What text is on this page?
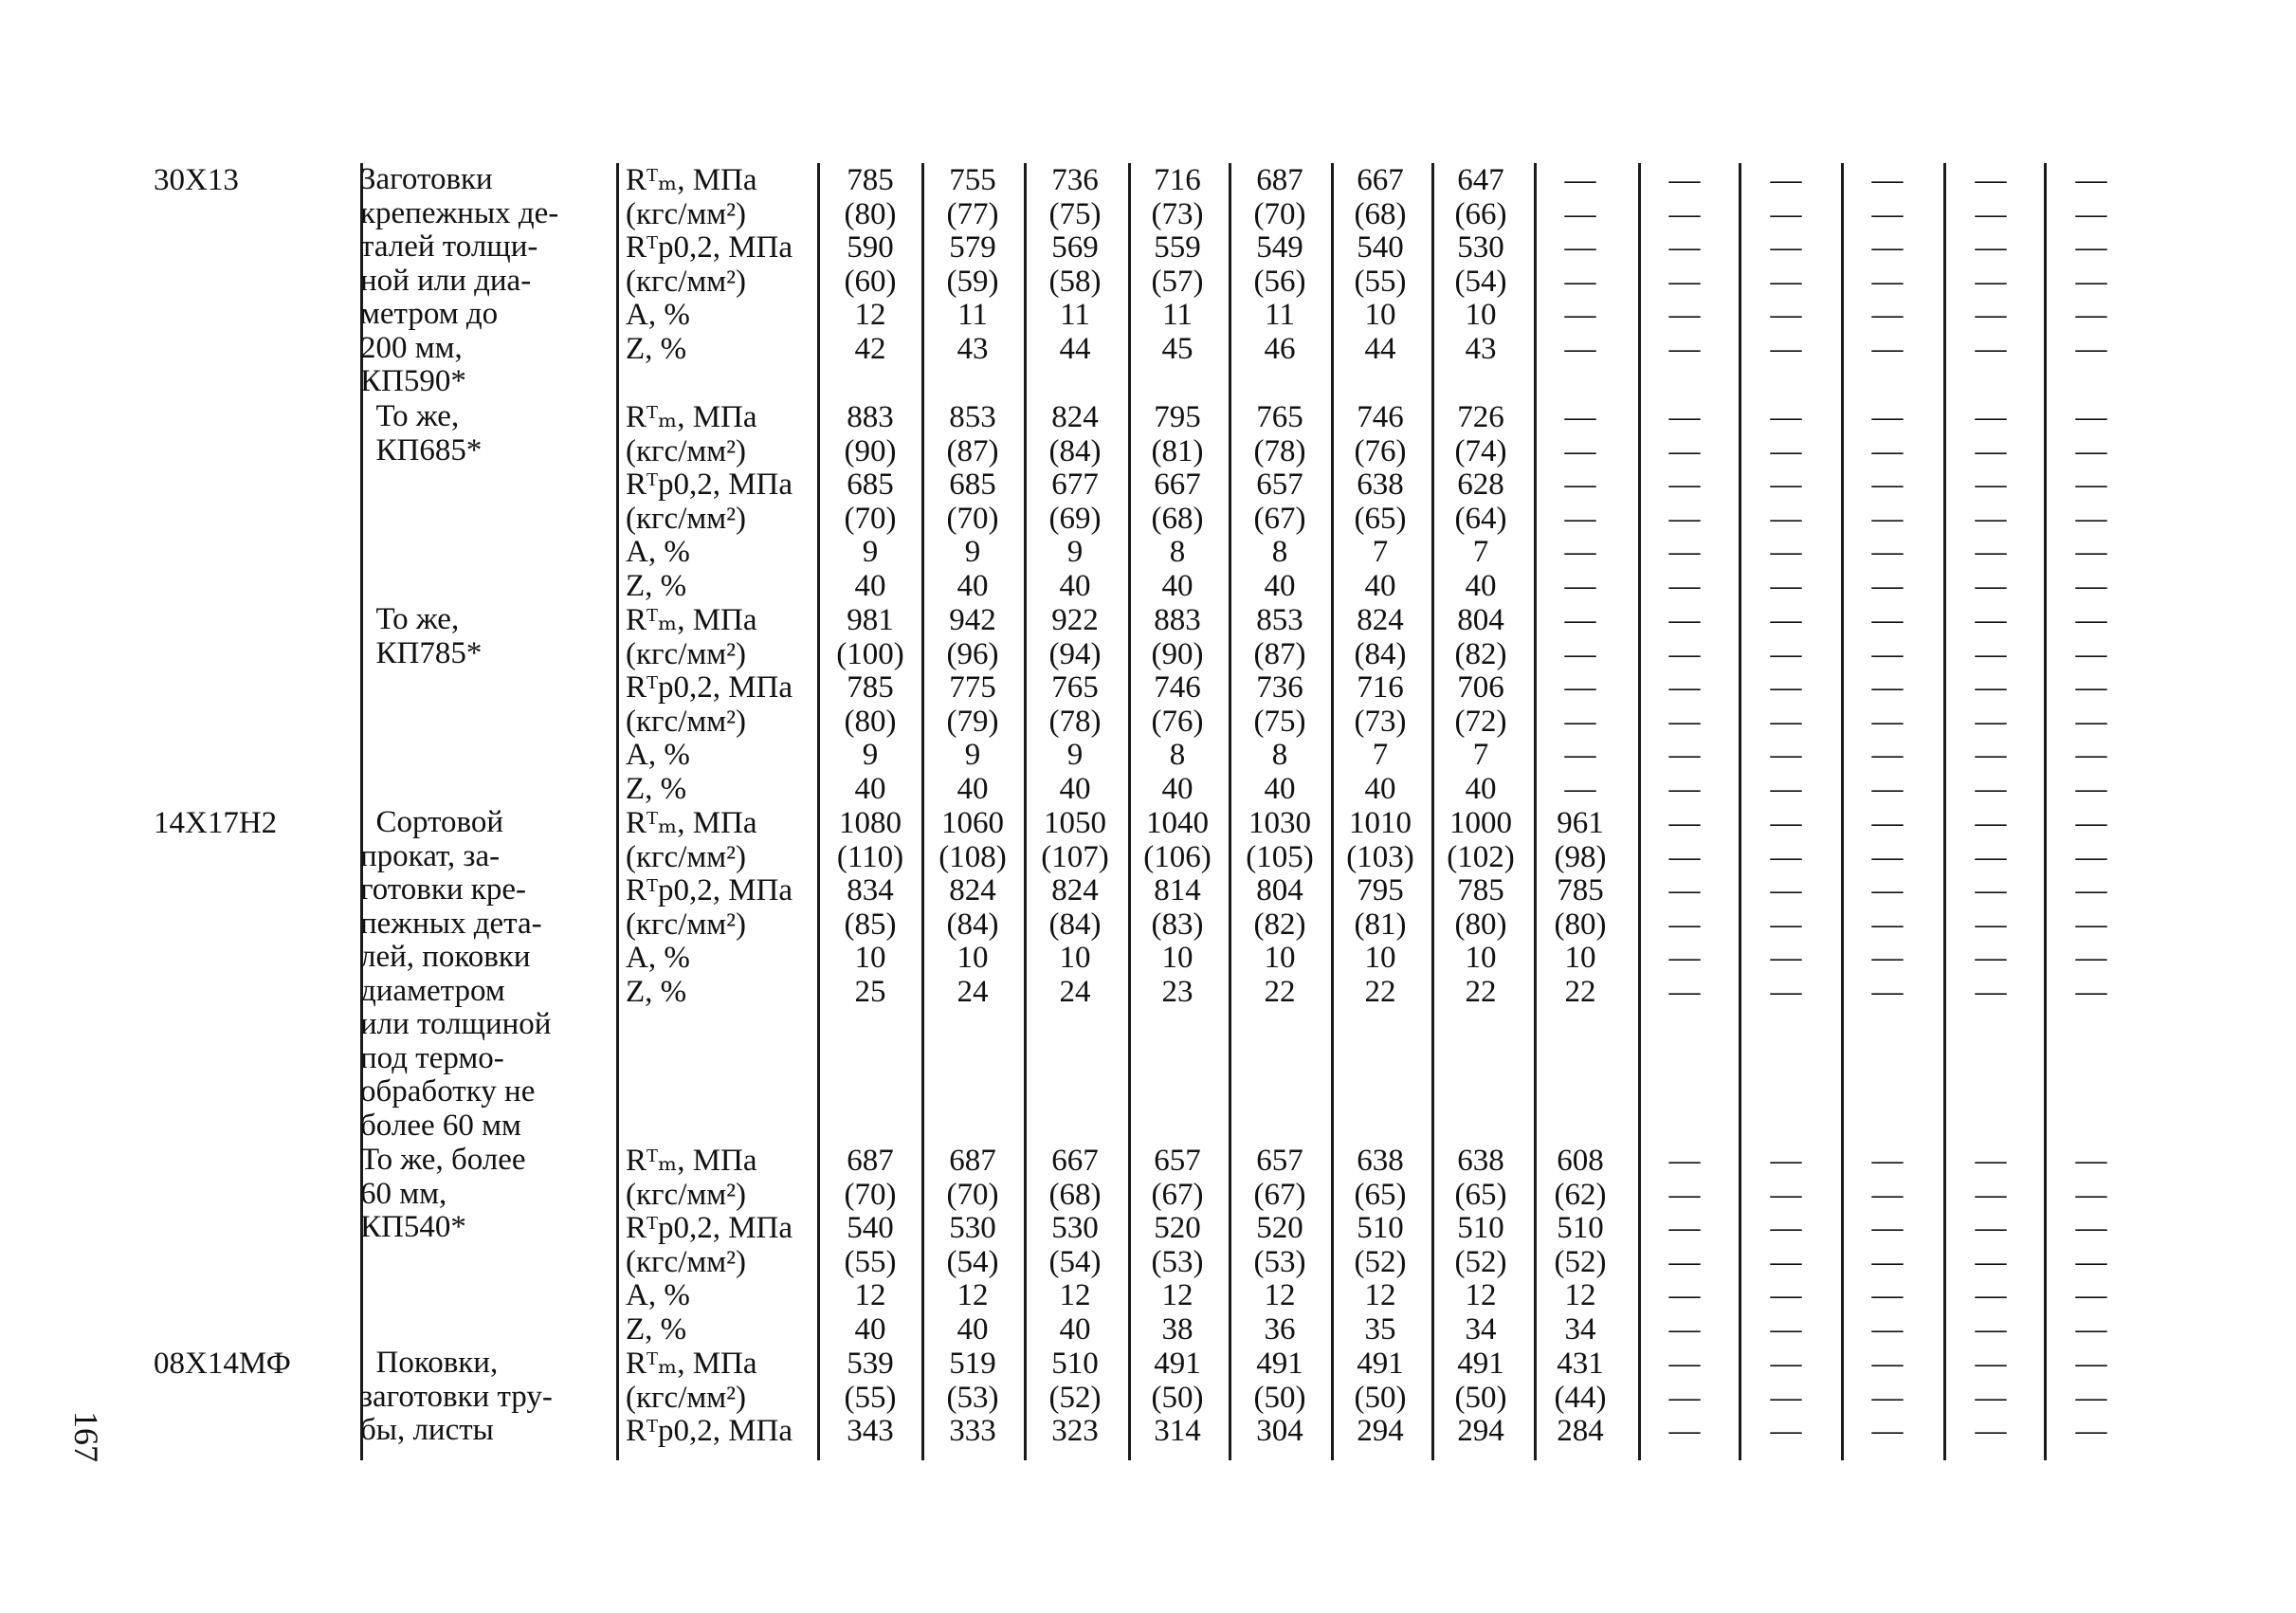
30Х13	Заготовки
крепежных де-
талей толщи-
ной или диа-
метром до
200 мм,
КП590*
Rᵀₘ, МПа	785	755	736	716	687	667	647	—	—	—	—	—	—
(кгс/мм²)	(80)	(77)	(75)	(73)	(70)	(68)	(66)	—	—	—	—	—	—
Rᵀp0,2, МПа	590	579	569	559	549	540	530	—	—	—	—	—	—
(кгс/мм²)	(60)	(59)	(58)	(57)	(56)	(55)	(54)	—	—	—	—	—	—
A, %	12	11	11	11	11	10	10	—	—	—	—	—	—
Z, %	42	43	44	45	46	44	43	—	—	—	—	—	—
То же,
КП685*
Rᵀₘ, МПа	883	853	824	795	765	746	726	—	—	—	—	—	—
(кгс/мм²)	(90)	(87)	(84)	(81)	(78)	(76)	(74)	—	—	—	—	—	—
Rᵀp0,2, МПа	685	685	677	667	657	638	628	—	—	—	—	—	—
(кгс/мм²)	(70)	(70)	(69)	(68)	(67)	(65)	(64)	—	—	—	—	—	—
A, %	9	9	9	8	8	7	7	—	—	—	—	—	—
Z, %	40	40	40	40	40	40	40	—	—	—	—	—	—
То же,
КП785*
Rᵀₘ, МПа	981	942	922	883	853	824	804	—	—	—	—	—	—
(кгс/мм²)	(100)	(96)	(94)	(90)	(87)	(84)	(82)	—	—	—	—	—	—
Rᵀp0,2, МПа	785	775	765	746	736	716	706	—	—	—	—	—	—
(кгс/мм²)	(80)	(79)	(78)	(76)	(75)	(73)	(72)	—	—	—	—	—	—
A, %	9	9	9	8	8	7	7	—	—	—	—	—	—
Z, %	40	40	40	40	40	40	40	—	—	—	—	—	—
14Х17Н2	Сортовой
прокат, за-
готовки кре-
пежных дета-
лей, поковки
диаметром
или толщиной
под термо-
обработку не
более 60 мм
Rᵀₘ, МПа	1080	1060	1050	1040	1030	1010	1000	961	—	—	—	—	—
(кгс/мм²)	(110)	(108)	(107)	(106)	(105)	(103)	(102)	(98)	—	—	—	—	—
Rᵀp0,2, МПа	834	824	824	814	804	795	785	785	—	—	—	—	—
(кгс/мм²)	(85)	(84)	(84)	(83)	(82)	(81)	(80)	(80)	—	—	—	—	—
A, %	10	10	10	10	10	10	10	10	—	—	—	—	—
Z, %	25	24	24	23	22	22	22	22	—	—	—	—	—
То же, более
60 мм,
КП540*
Rᵀₘ, МПа	687	687	667	657	657	638	638	608	—	—	—	—	—
(кгс/мм²)	(70)	(70)	(68)	(67)	(67)	(65)	(65)	(62)	—	—	—	—	—
Rᵀp0,2, МПа	540	530	530	520	520	510	510	510	—	—	—	—	—
(кгс/мм²)	(55)	(54)	(54)	(53)	(53)	(52)	(52)	(52)	—	—	—	—	—
A, %	12	12	12	12	12	12	12	12	—	—	—	—	—
Z, %	40	40	40	38	36	35	34	34	—	—	—	—	—
08Х14МФ Поковки,
заготовки тру-
бы, листы
Rᵀₘ, МПа	539	519	510	491	491	491	491	431	—	—	—	—	—
(кгс/мм²)	(55)	(53)	(52)	(50)	(50)	(50)	(50)	(44)	—	—	—	—	—
Rᵀp0,2, МПа	343	333	323	314	304	294	294	284	—	—	—	—	—
167
